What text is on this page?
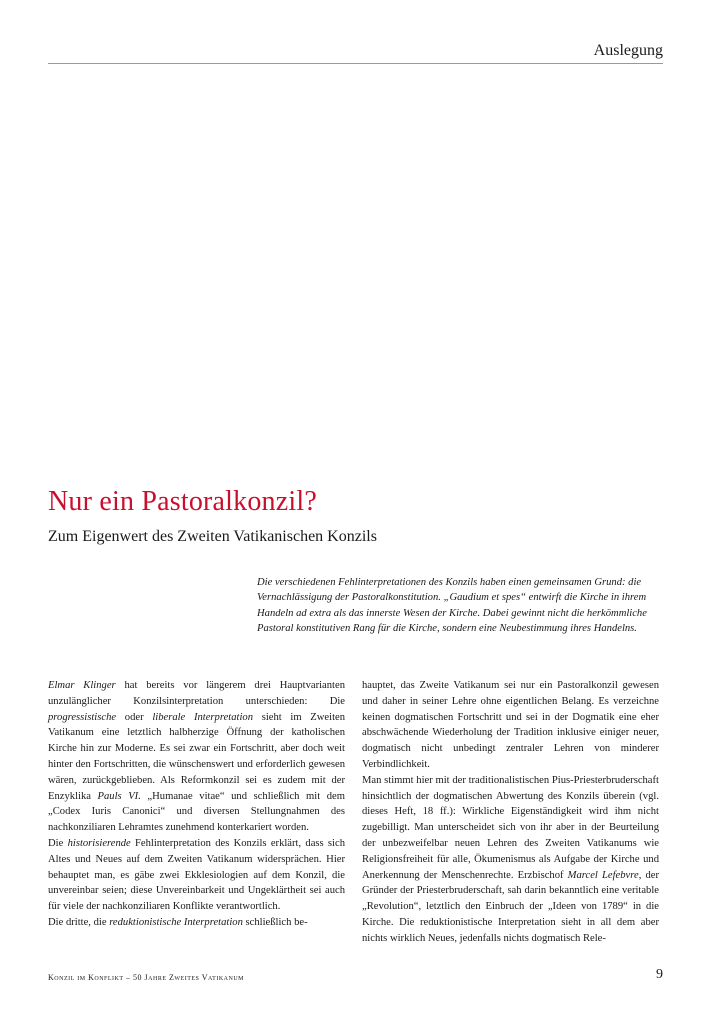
Auslegung
Nur ein Pastoralkonzil?
Zum Eigenwert des Zweiten Vatikanischen Konzils

Die verschiedenen Fehlinterpretationen des Konzils haben einen gemeinsamen Grund: die Vernachlässigung der Pastoralkonstitution. „Gaudium et spes“ entwirft die Kirche in ihrem Handeln ad extra als das innerste Wesen der Kirche. Dabei gewinnt nicht die herkömmliche Pastoral konstitutiven Rang für die Kirche, sondern eine Neubestimmung ihres Handelns.

Elmar Klinger hat bereits vor längerem drei Hauptvarianten unzulänglicher Konzilsinterpretation unterschieden: Die progressistische oder liberale Interpretation sieht im Zweiten Vatikanum eine letztlich halbherzige Öffnung der katholischen Kirche hin zur Moderne. Es sei zwar ein Fortschritt, aber doch weit hinter den Fortschritten, die wünschenswert und erforderlich gewesen wären, zurückgeblieben. Als Reformkonzil sei es zudem mit der Enzyklika Pauls VI. „Humanae vitae“ und schließlich mit dem „Codex Iuris Canonici“ und diversen Stellungnahmen des nachkonziliaren Lehramtes zunehmend konterkariert worden.

Die historisierende Fehlinterpretation des Konzils erklärt, dass sich Altes und Neues auf dem Zweiten Vatikanum widersprächen. Hier behauptet man, es gäbe zwei Ekklesiologien auf dem Konzil, die unvereinbar seien; diese Unvereinbarkeit und Ungeklärtheit sei auch für viele der nachkonziliaren Konflikte verantwortlich.

Die dritte, die reduktionistische Interpretation schließlich be-

hauptet, das Zweite Vatikanum sei nur ein Pastoralkonzil gewesen und daher in seiner Lehre ohne eigentlichen Belang. Es verzeichne keinen dogmatischen Fortschritt und sei in der Dogmatik eine eher abschwächende Wiederholung der Tradition inklusive einiger neuer, dogmatisch nicht unbedingt zentraler Lehren von minderer Verbindlichkeit.

Man stimmt hier mit der traditionalistischen Pius-Priesterbruderschaft hinsichtlich der dogmatischen Abwertung des Konzils überein (vgl. dieses Heft, 18 ff.): Wirkliche Eigenständigkeit wird ihm nicht zugebilligt. Man unterscheidet sich von ihr aber in der Beurteilung der unbezweifelbar neuen Lehren des Zweiten Vatikanums wie Religionsfreiheit für alle, Ökumenismus als Aufgabe der Kirche und Anerkennung der Menschenrechte. Erzbischof Marcel Lefebvre, der Gründer der Priesterbruderschaft, sah darin bekanntlich eine veritable „Revolution“, letztlich den Einbruch der „Ideen von 1789“ in die Kirche. Die reduktionistische Interpretation sieht in all dem aber nichts wirklich Neues, jedenfalls nichts dogmatisch Rele-

Konzil im Konflikt – 50 Jahre Zweites Vatikanum	9
